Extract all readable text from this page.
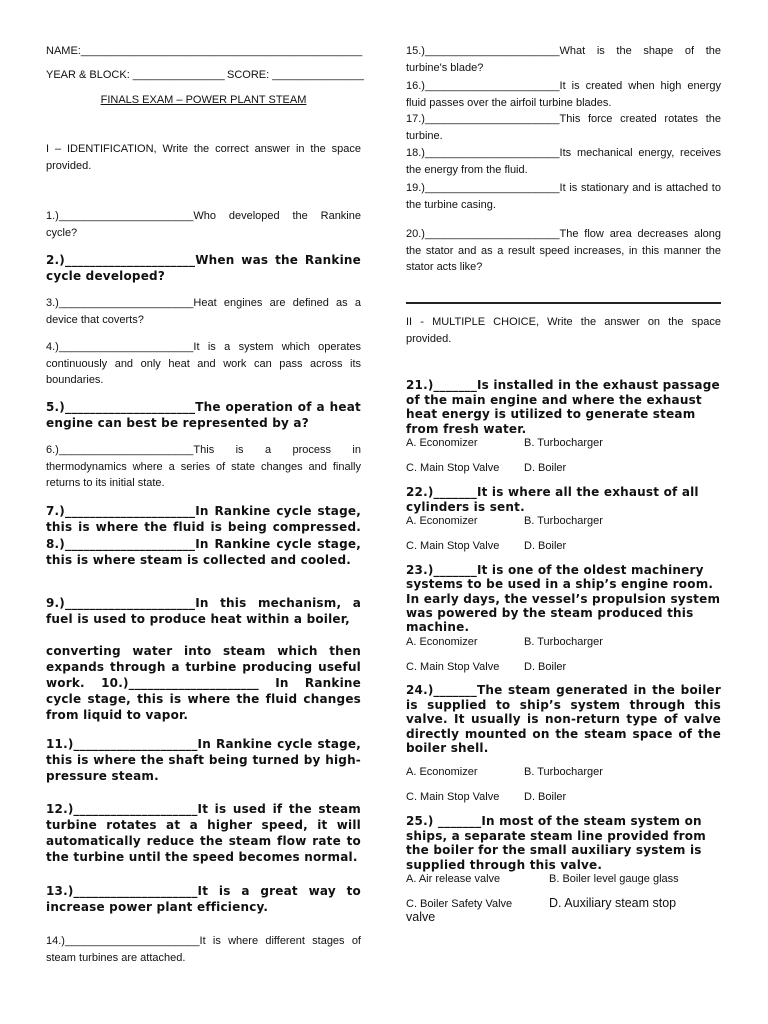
NAME:______________________________________________
YEAR & BLOCK: _______________ SCORE: _______________
FINALS EXAM – POWER PLANT STEAM
I – IDENTIFICATION, Write the correct answer in the space provided.
1.)______________________Who developed the Rankine cycle?
2.)_____________________When was the Rankine cycle developed?
3.)______________________Heat engines are defined as a device that coverts?
4.)______________________It is a system which operates continuously and only heat and work can pass across its boundaries.
5.)_____________________The operation of a heat engine can best be represented by a?
6.)______________________This is a process in thermodynamics where a series of state changes and finally returns to its initial state.
7.)_____________________In Rankine cycle stage, this is where the fluid is being compressed. 8.)_____________________In Rankine cycle stage, this is where steam is collected and cooled.
9.)_____________________In this mechanism, a fuel is used to produce heat within a boiler,
converting water into steam which then expands through a turbine producing useful work. 10.)_____________________ In Rankine cycle stage, this is where the fluid changes from liquid to vapor.
11.)____________________In Rankine cycle stage, this is where the shaft being turned by high-pressure steam.
12.)____________________It is used if the steam turbine rotates at a higher speed, it will automatically reduce the steam flow rate to the turbine until the speed becomes normal.
13.)____________________It is a great way to increase power plant efficiency.
14.)______________________It is where different stages of steam turbines are attached.
15.)______________________What is the shape of the turbine's blade?
16.)______________________It is created when high energy fluid passes over the airfoil turbine blades.
17.)______________________This force created rotates the turbine.
18.)______________________Its mechanical energy, receives the energy from the fluid.
19.)______________________It is stationary and is attached to the turbine casing.
20.)______________________The flow area decreases along the stator and as a result speed increases, in this manner the stator acts like?
II - MULTIPLE CHOICE, Write the answer on the space provided.
21.)_______Is installed in the exhaust passage of the main engine and where the exhaust heat energy is utilized to generate steam from fresh water.
A. Economizer	B. Turbocharger
C. Main Stop Valve D. Boiler
22.)_______It is where all the exhaust of all cylinders is sent.
A. Economizer	B. Turbocharger
C. Main Stop Valve D. Boiler
23.)_______It is one of the oldest machinery systems to be used in a ship’s engine room. In early days, the vessel’s propulsion system was powered by the steam produced this machine.
A. Economizer	B. Turbocharger
C. Main Stop Valve D. Boiler
24.)_______The steam generated in the boiler is supplied to ship’s system through this valve. It usually is non-return type of valve directly mounted on the steam space of the boiler shell.
A. Economizer	B. Turbocharger
C. Main Stop Valve D. Boiler
25.) _______In most of the steam system on ships, a separate steam line provided from the boiler for the small auxiliary system is supplied through this valve.
A. Air release valve	B. Boiler level gauge glass
C. Boiler Safety Valve	D. Auxiliary steam stop
valve
